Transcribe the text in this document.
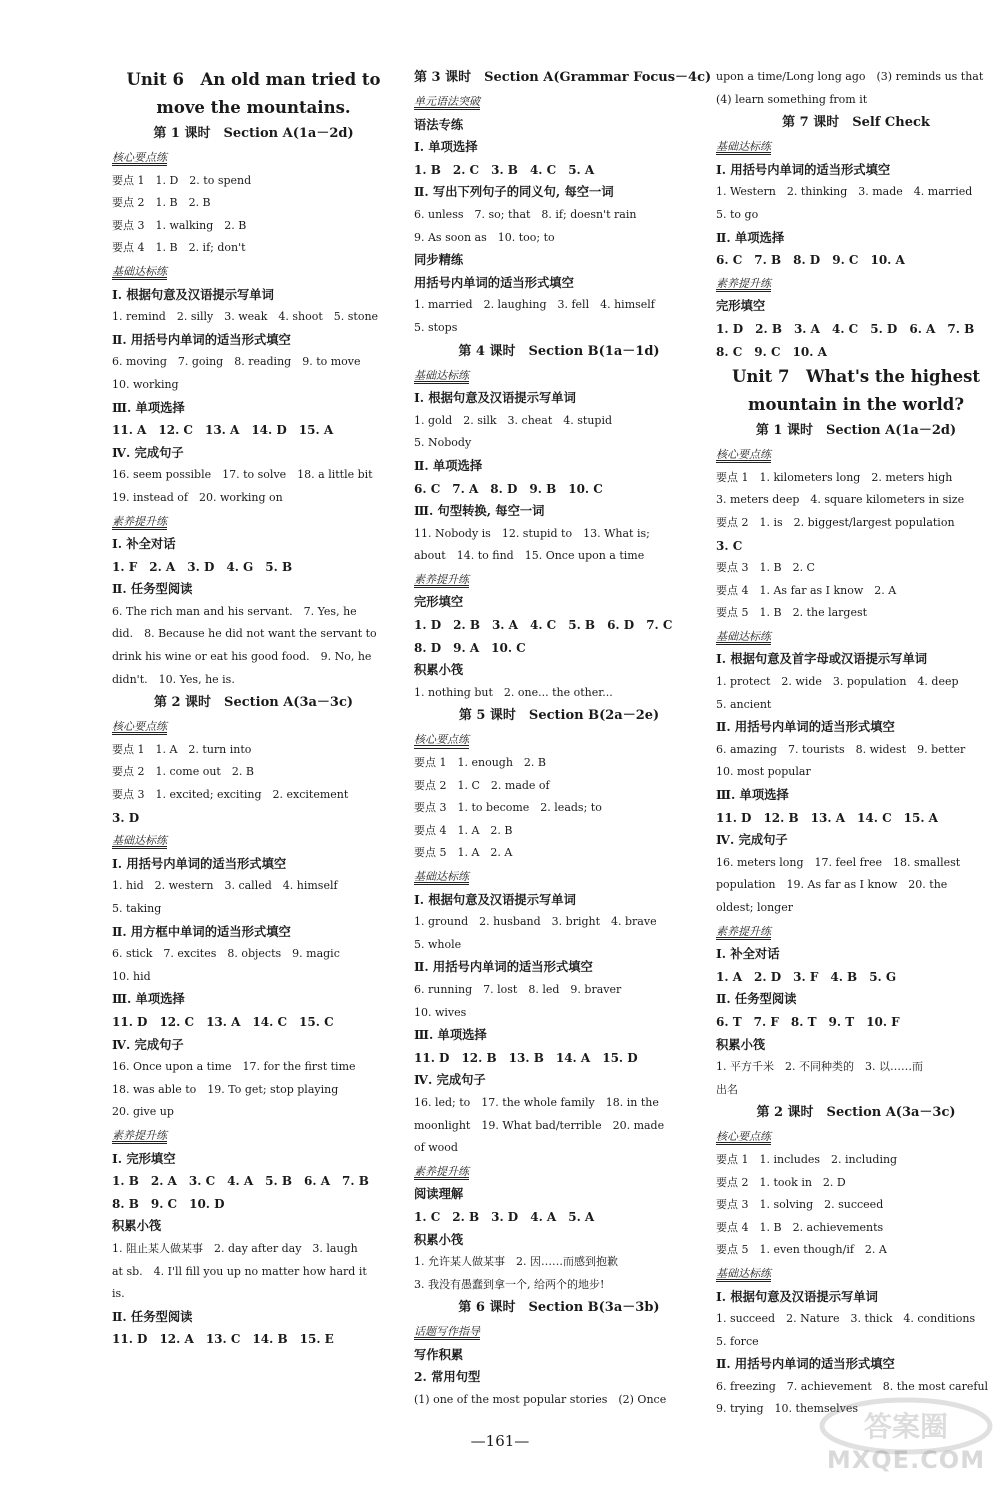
Unit 6　An old man tried to
move the mountains.
第 1 课时　Section A(1a－2d)
核心要点练
要点 1　1. D　2. to spend
要点 2　1. B　2. B
要点 3　1. walking　2. B
要点 4　1. B　2. if; don't
基础达标练
Ⅰ. 根据句意及汉语提示写单词
1. remind　2. silly　3. weak　4. shoot　5. stone
Ⅱ. 用括号内单词的适当形式填空
6. moving　7. going　8. reading　9. to move
10. working
Ⅲ. 单项选择
11. A　12. C　13. A　14. D　15. A
Ⅳ. 完成句子
16. seem possible　17. to solve　18. a little bit
19. instead of　20. working on
素养提升练
Ⅰ. 补全对话
1. F　2. A　3. D　4. G　5. B
Ⅱ. 任务型阅读
6. The rich man and his servant.　7. Yes, he
did.　8. Because he did not want the servant to
drink his wine or eat his good food.　9. No, he
didn't.　10. Yes, he is.
第 2 课时　Section A(3a－3c)
核心要点练
要点 1　1. A　2. turn into
要点 2　1. come out　2. B
要点 3　1. excited; exciting　2. excitement
3. D
基础达标练
Ⅰ. 用括号内单词的适当形式填空
1. hid　2. western　3. called　4. himself
5. taking
Ⅱ. 用方框中单词的适当形式填空
6. stick　7. excites　8. objects　9. magic
10. hid
Ⅲ. 单项选择
11. D　12. C　13. A　14. C　15. C
Ⅳ. 完成句子
16. Once upon a time　17. for the first time
18. was able to　19. To get; stop playing
20. give up
素养提升练
Ⅰ. 完形填空
1. B　2. A　3. C　4. A　5. B　6. A　7. B
8. B　9. C　10. D
积累小筏
1. 阻止某人做某事　2. day after day　3. laugh
at sb.　4. I'll fill you up no matter how hard it
is.
Ⅱ. 任务型阅读
11. D　12. A　13. C　14. B　15. E
第 3 课时　Section A(Grammar Focus－4c)
单元语法突破
语法专练
Ⅰ. 单项选择
1. B　2. C　3. B　4. C　5. A
Ⅱ. 写出下列句子的同义句, 每空一词
6. unless　7. so; that　8. if; doesn't rain
9. As soon as　10. too; to
同步精练
用括号内单词的适当形式填空
1. married　2. laughing　3. fell　4. himself
5. stops
第 4 课时　Section B(1a－1d)
基础达标练
Ⅰ. 根据句意及汉语提示写单词
1. gold　2. silk　3. cheat　4. stupid
5. Nobody
Ⅱ. 单项选择
6. C　7. A　8. D　9. B　10. C
Ⅲ. 句型转换, 每空一词
11. Nobody is　12. stupid to　13. What is;
about　14. to find　15. Once upon a time
素养提升练
完形填空
1. D　2. B　3. A　4. C　5. B　6. D　7. C
8. D　9. A　10. C
积累小筏
1. nothing but　2. one... the other...
第 5 课时　Section B(2a－2e)
核心要点练
要点 1　1. enough　2. B
要点 2　1. C　2. made of
要点 3　1. to become　2. leads; to
要点 4　1. A　2. B
要点 5　1. A　2. A
基础达标练
Ⅰ. 根据句意及汉语提示写单词
1. ground　2. husband　3. bright　4. brave
5. whole
Ⅱ. 用括号内单词的适当形式填空
6. running　7. lost　8. led　9. braver
10. wives
Ⅲ. 单项选择
11. D　12. B　13. B　14. A　15. D
Ⅳ. 完成句子
16. led; to　17. the whole family　18. in the
moonlight　19. What bad/terrible　20. made
of wood
素养提升练
阅读理解
1. C　2. B　3. D　4. A　5. A
积累小筏
1. 允许某人做某事　2. 因……而感到抱歉
3. 我没有愚蠢到拿一个, 给两个的地步!
第 6 课时　Section B(3a－3b)
话题写作指导
写作积累
2. 常用句型
(1) one of the most popular stories　(2) Once
upon a time/Long long ago　(3) reminds us that
(4) learn something from it
第 7 课时　Self Check
基础达标练
Ⅰ. 用括号内单词的适当形式填空
1. Western　2. thinking　3. made　4. married
5. to go
Ⅱ. 单项选择
6. C　7. B　8. D　9. C　10. A
素养提升练
完形填空
1. D　2. B　3. A　4. C　5. D　6. A　7. B
8. C　9. C　10. A
Unit 7　What's the highest
mountain in the world?
第 1 课时　Section A(1a－2d)
核心要点练
要点 1　1. kilometers long　2. meters high
3. meters deep　4. square kilometers in size
要点 2　1. is　2. biggest/largest population
3. C
要点 3　1. B　2. C
要点 4　1. As far as I know　2. A
要点 5　1. B　2. the largest
基础达标练
Ⅰ. 根据句意及首字母或汉语提示写单词
1. protect　2. wide　3. population　4. deep
5. ancient
Ⅱ. 用括号内单词的适当形式填空
6. amazing　7. tourists　8. widest　9. better
10. most popular
Ⅲ. 单项选择
11. D　12. B　13. A　14. C　15. A
Ⅳ. 完成句子
16. meters long　17. feel free　18. smallest
population　19. As far as I know　20. the
oldest; longer
素养提升练
Ⅰ. 补全对话
1. A　2. D　3. F　4. B　5. G
Ⅱ. 任务型阅读
6. T　7. F　8. T　9. T　10. F
积累小筏
1. 平方千米　2. 不同种类的　3. 以……而
出名
第 2 课时　Section A(3a－3c)
核心要点练
要点 1　1. includes　2. including
要点 2　1. took in　2. D
要点 3　1. solving　2. succeed
要点 4　1. B　2. achievements
要点 5　1. even though/if　2. A
基础达标练
Ⅰ. 根据句意及汉语提示写单词
1. succeed　2. Nature　3. thick　4. conditions
5. force
Ⅱ. 用括号内单词的适当形式填空
6. freezing　7. achievement　8. the most careful
9. trying　10. themselves
—161—	答案圈
MXQE.COM
